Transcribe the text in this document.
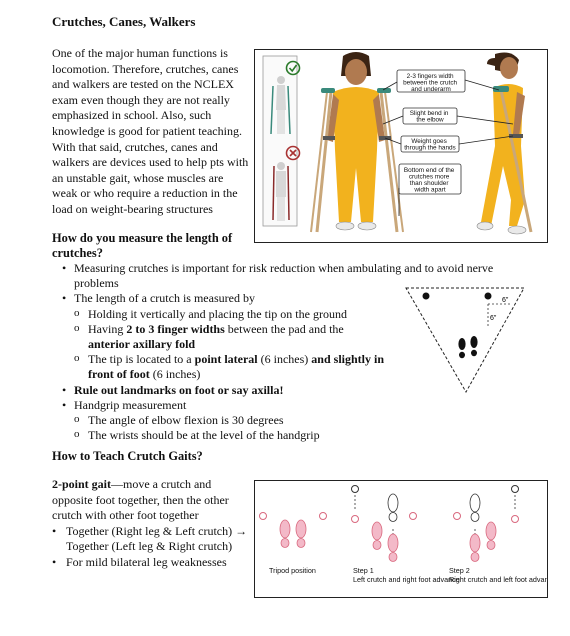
Crutches, Canes, Walkers
One of the major human functions is locomotion. Therefore, crutches, canes and walkers are tested on the NCLEX exam even though they are not really emphasized in school. Also, such knowledge is good for patient teaching. With that said, crutches, canes and walkers are devices used to help pts with an unstable gait, whose muscles are weak or who require a reduction in the load on weight-bearing structures
2-3 fingers width between the crutch and underarm
Slight bend in the elbow
Weight goes through the hands
Bottom end of the crutches more than shoulder width apart
How do you measure the length of crutches?
• Measuring crutches is important for risk reduction when ambulating and to avoid nerve problems
• The length of a crutch is measured by
o Holding it vertically and placing the tip on the ground
o Having 2 to 3 finger widths between the pad and the anterior axillary fold
o The tip is located to a point lateral (6 inches) and slightly in front of foot (6 inches)
• Rule out landmarks on foot or say axilla!
• Handgrip measurement
o The angle of elbow flexion is 30 degrees
o The wrists should be at the level of the handgrip
6"
6"
How to Teach Crutch Gaits?
2-point gait—move a crutch and opposite foot together, then the other crutch with other foot together
• Together (Right leg & Left crutch) → Together (Left leg & Right crutch)
• For mild bilateral leg weaknesses
Tripod position	Step 1
Left crutch and right foot advance
Step 2
Right crutch and left foot advance
